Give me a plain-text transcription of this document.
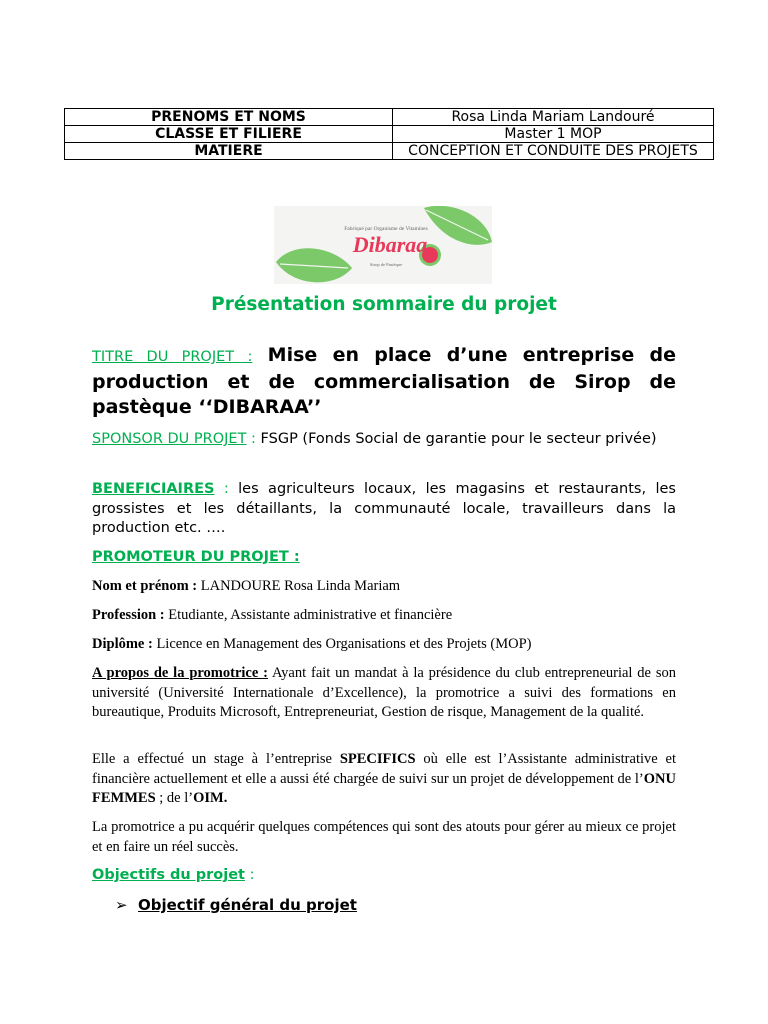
PRENOMS ET NOMS	Rosa Linda Mariam Landouré
CLASSE ET FILIERE	Master 1 MOP
MATIERE	CONCEPTION ET CONDUITE DES PROJETS
Dibaraa
Fabriqué par Organisme de Vitamines
Sirop de Pastèque
Présentation sommaire du projet
TITRE DU PROJET : Mise en place d’une entreprise de production et de commercialisation de Sirop de pastèque ‘‘DIBARAA’’
SPONSOR DU PROJET : FSGP (Fonds Social de garantie pour le secteur privée)
BENEFICIAIRES : les agriculteurs locaux, les magasins et restaurants, les grossistes et les détaillants, la communauté locale, travailleurs dans la production etc. ….
PROMOTEUR DU PROJET :
Nom et prénom : LANDOURE Rosa Linda Mariam
Profession : Etudiante, Assistante administrative et financière
Diplôme : Licence en Management des Organisations et des Projets (MOP)
A propos de la promotrice : Ayant fait un mandat à la présidence du club entrepreneurial de son université (Université Internationale d’Excellence), la promotrice a suivi des formations en bureautique, Produits Microsoft, Entrepreneuriat, Gestion de risque, Management de la qualité.
Elle a effectué un stage à l’entreprise SPECIFICS où elle est l’Assistante administrative et financière actuellement et elle a aussi été chargée de suivi sur un projet de développement de l’ONU FEMMES ; de l’OIM.
La promotrice a pu acquérir quelques compétences qui sont des atouts pour gérer au mieux ce projet et en faire un réel succès.
Objectifs du projet :
➢ Objectif général du projet
